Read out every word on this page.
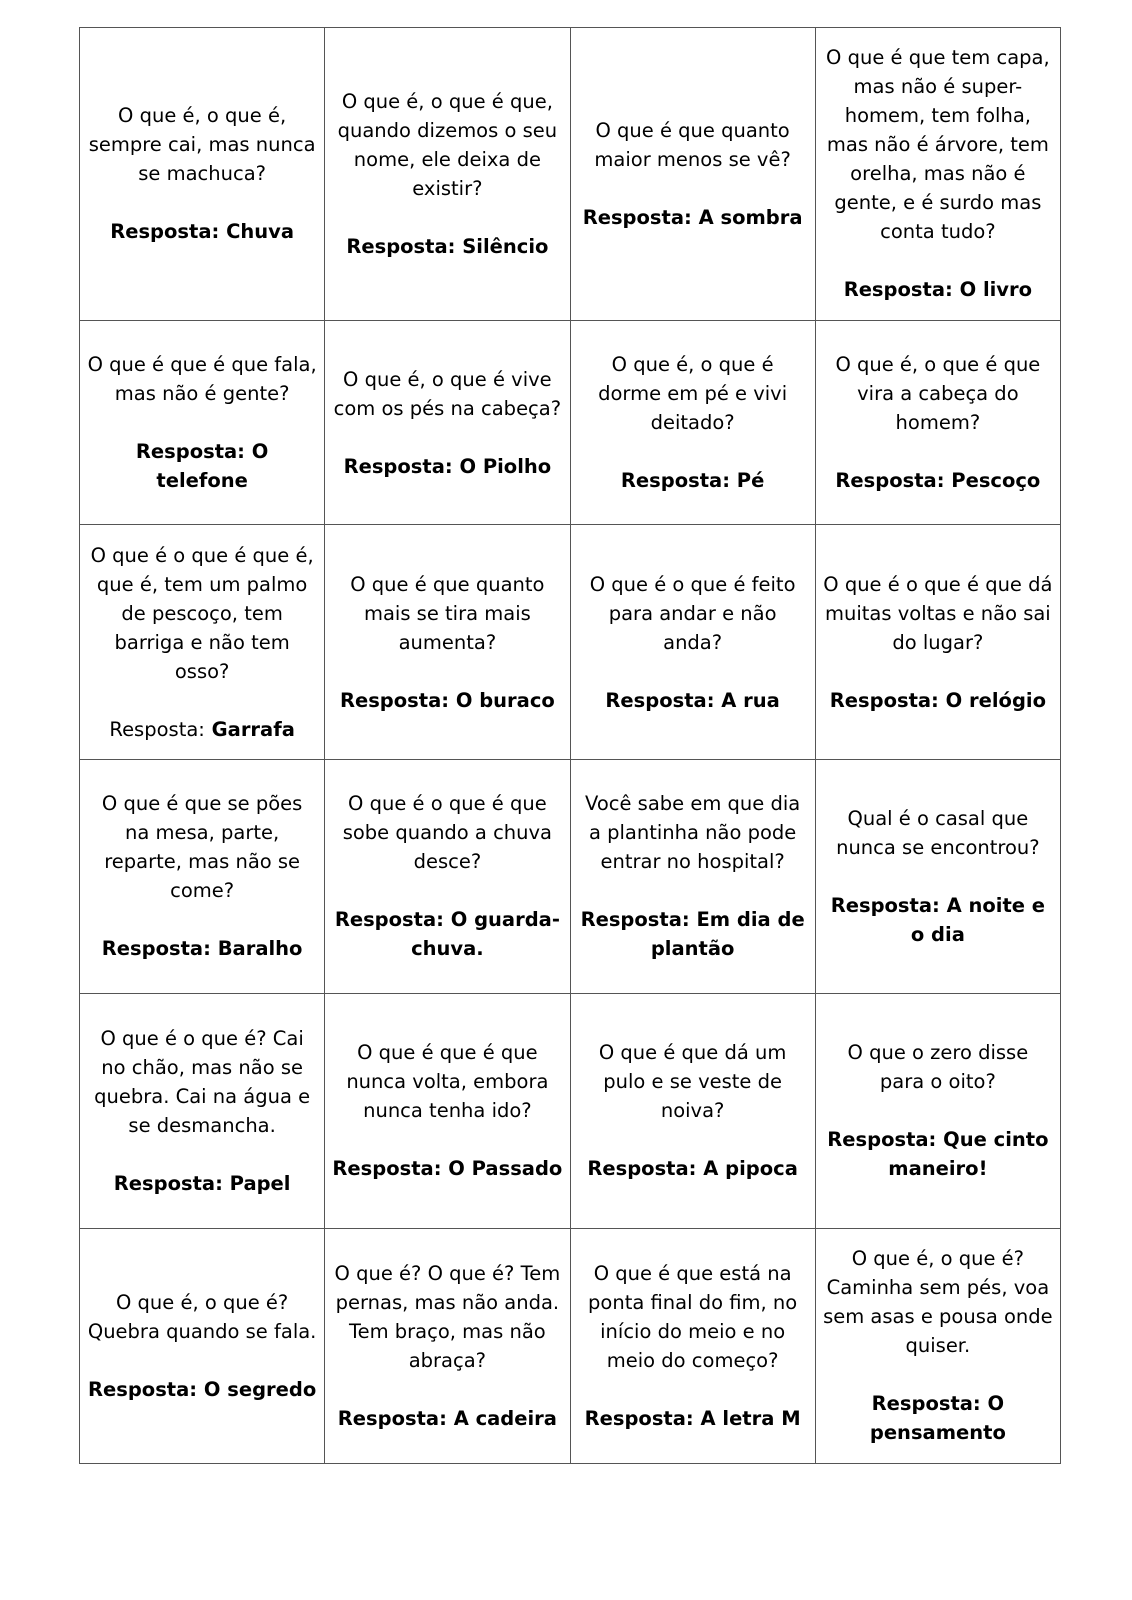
O que é, o que é, sempre cai, mas nunca se machuca?
Resposta: Chuva	O que é, o que é que, quando dizemos o seu nome, ele deixa de existir?
Resposta: Silêncio	O que é que quanto maior menos se vê?
Resposta: A sombra	O que é que tem capa, mas não é super-homem, tem folha, mas não é árvore, tem orelha, mas não é gente, e é surdo mas conta tudo?
Resposta: O livro

O que é que é que fala, mas não é gente?
Resposta: O telefone	O que é, o que é vive com os pés na cabeça?
Resposta: O Piolho	O que é, o que é dorme em pé e vivi deitado?
Resposta: Pé	O que é, o que é que vira a cabeça do homem?
Resposta: Pescoço

O que é o que é que é, que é, tem um palmo de pescoço, tem barriga e não tem osso?
Resposta: Garrafa	O que é que quanto mais se tira mais aumenta?
Resposta: O buraco	O que é o que é feito para andar e não anda?
Resposta: A rua	O que é o que é que dá muitas voltas e não sai do lugar?
Resposta: O relógio

O que é que se pões na mesa, parte, reparte, mas não se come?
Resposta: Baralho	O que é o que é que sobe quando a chuva desce?
Resposta: O guarda-chuva.	Você sabe em que dia a plantinha não pode entrar no hospital?
Resposta: Em dia de plantão	Qual é o casal que nunca se encontrou?
Resposta: A noite e o dia

O que é o que é? Cai no chão, mas não se quebra. Cai na água e se desmancha.
Resposta: Papel	O que é que é que nunca volta, embora nunca tenha ido?
Resposta: O Passado	O que é que dá um pulo e se veste de noiva?
Resposta: A pipoca	O que o zero disse para o oito?
Resposta: Que cinto maneiro!

O que é, o que é? Quebra quando se fala.
Resposta: O segredo	O que é? O que é? Tem pernas, mas não anda. Tem braço, mas não abraça?
Resposta: A cadeira	O que é que está na ponta final do fim, no início do meio e no meio do começo?
Resposta: A letra M	O que é, o que é? Caminha sem pés, voa sem asas e pousa onde quiser.
Resposta: O pensamento
